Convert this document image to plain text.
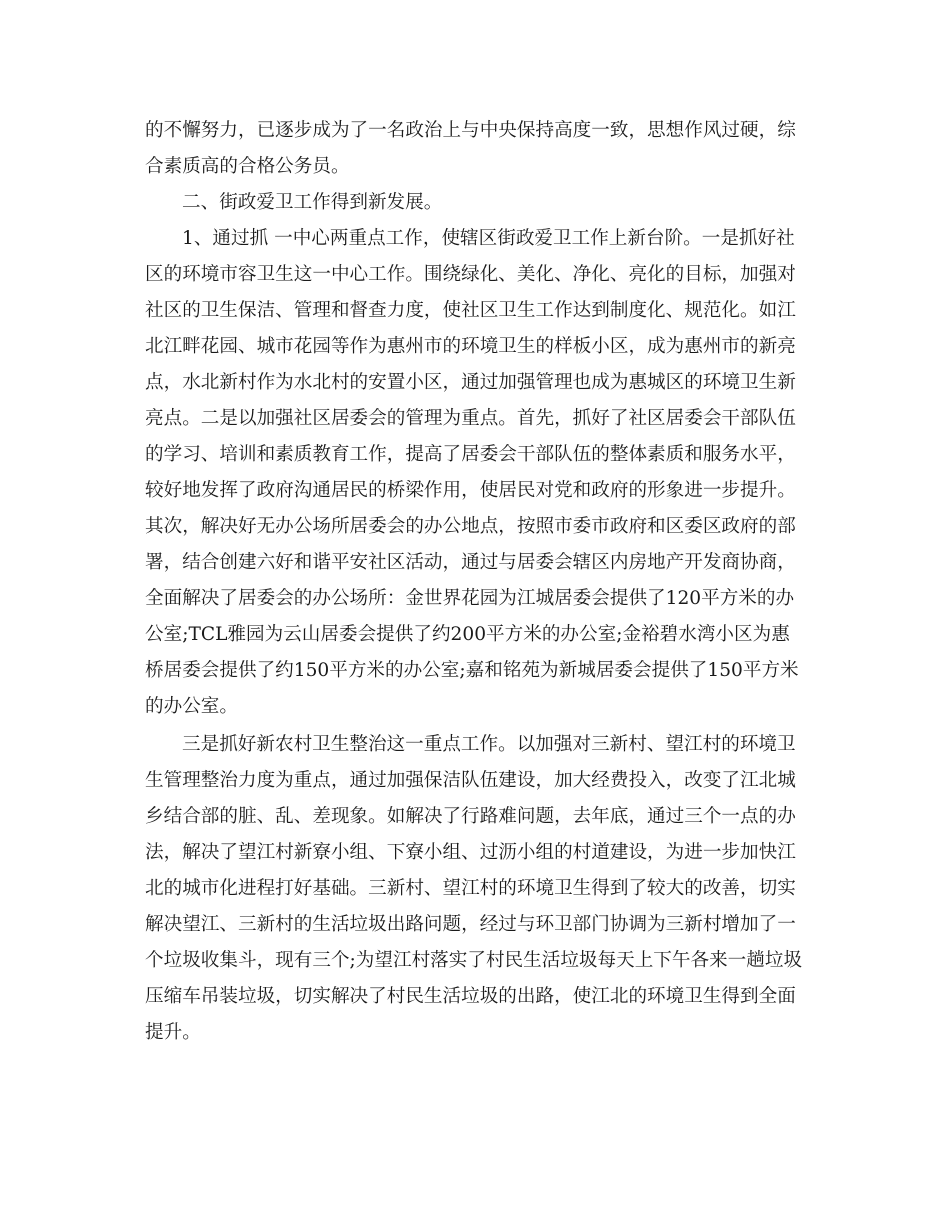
的不懈努力，已逐步成为了一名政治上与中央保持高度一致，思想作风过硬，综
合素质高的合格公务员。
二、街政爱卫工作得到新发展。
1、通过抓 一中心两重点工作，使辖区街政爱卫工作上新台阶。一是抓好社
区的环境市容卫生这一中心工作。围绕绿化、美化、净化、亮化的目标，加强对
社区的卫生保洁、管理和督查力度，使社区卫生工作达到制度化、规范化。如江
北江畔花园、城市花园等作为惠州市的环境卫生的样板小区，成为惠州市的新亮
点，水北新村作为水北村的安置小区，通过加强管理也成为惠城区的环境卫生新
亮点。二是以加强社区居委会的管理为重点。首先，抓好了社区居委会干部队伍
的学习、培训和素质教育工作，提高了居委会干部队伍的整体素质和服务水平，
较好地发挥了政府沟通居民的桥梁作用，使居民对党和政府的形象进一步提升。
其次，解决好无办公场所居委会的办公地点，按照市委市政府和区委区政府的部
署，结合创建六好和谐平安社区活动，通过与居委会辖区内房地产开发商协商，
全面解决了居委会的办公场所：金世界花园为江城居委会提供了120平方米的办
公室;TCL雅园为云山居委会提供了约200平方米的办公室;金裕碧水湾小区为惠
桥居委会提供了约150平方米的办公室;嘉和铭苑为新城居委会提供了150平方米
的办公室。
三是抓好新农村卫生整治这一重点工作。以加强对三新村、望江村的环境卫
生管理整治力度为重点，通过加强保洁队伍建设，加大经费投入，改变了江北城
乡结合部的脏、乱、差现象。如解决了行路难问题，去年底，通过三个一点的办
法，解决了望江村新寮小组、下寮小组、过沥小组的村道建设，为进一步加快江
北的城市化进程打好基础。三新村、望江村的环境卫生得到了较大的改善，切实
解决望江、三新村的生活垃圾出路问题，经过与环卫部门协调为三新村增加了一
个垃圾收集斗，现有三个;为望江村落实了村民生活垃圾每天上下午各来一趟垃圾
压缩车吊装垃圾，切实解决了村民生活垃圾的出路，使江北的环境卫生得到全面
提升。
